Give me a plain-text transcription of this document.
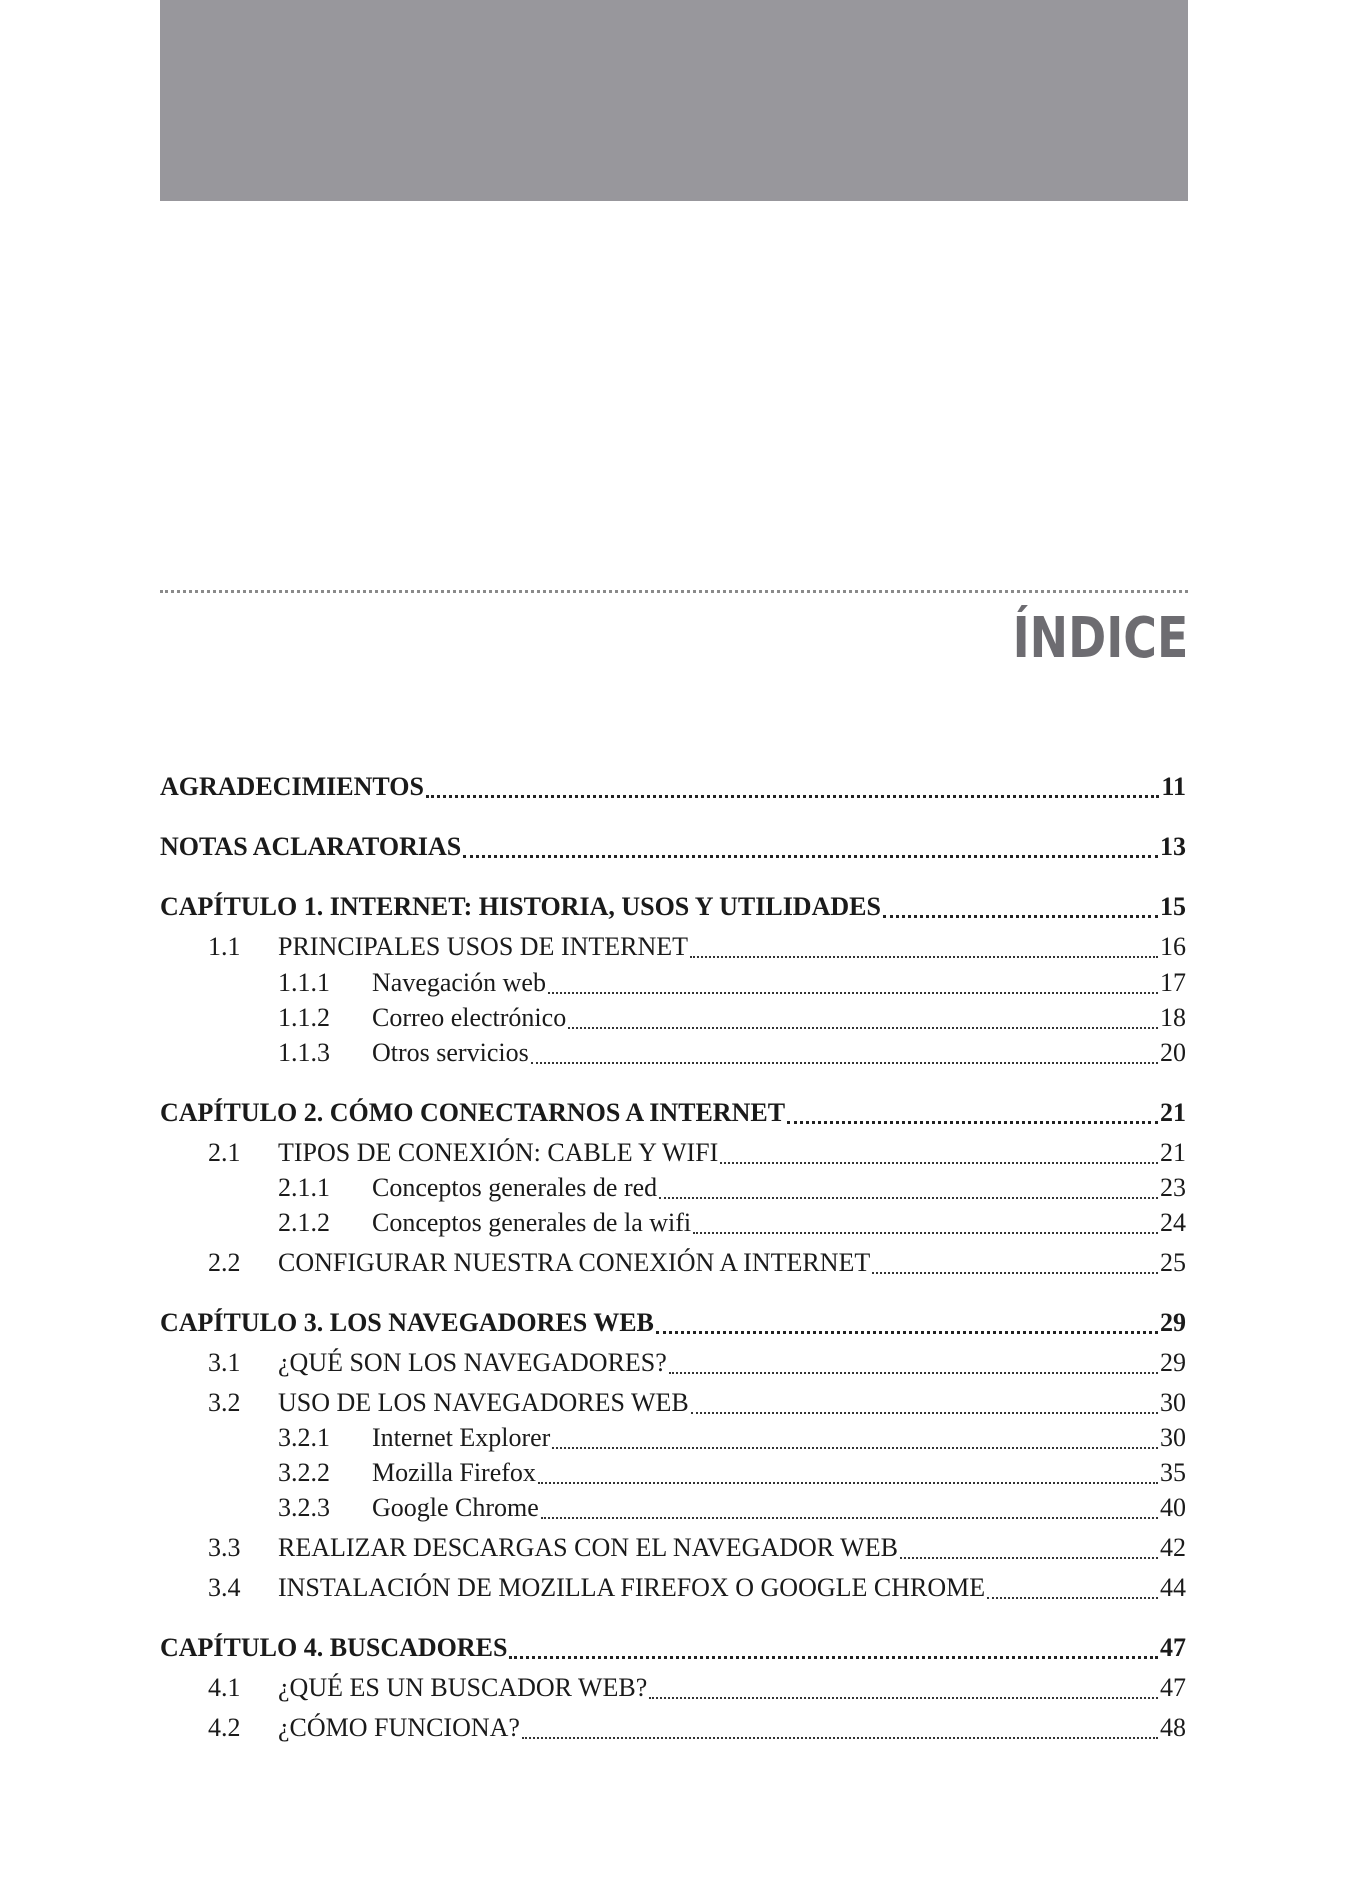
ÍNDICE
AGRADECIMIENTOS	11
NOTAS ACLARATORIAS	13
CAPÍTULO 1. INTERNET: HISTORIA, USOS Y UTILIDADES	15
1.1	PRINCIPALES USOS DE INTERNET	16
1.1.1	Navegación web	17
1.1.2	Correo electrónico	18
1.1.3	Otros servicios	20
CAPÍTULO 2. CÓMO CONECTARNOS A INTERNET	21
2.1	TIPOS DE CONEXIÓN: CABLE Y WIFI	21
2.1.1	Conceptos generales de red	23
2.1.2	Conceptos generales de la wifi	24
2.2	CONFIGURAR NUESTRA CONEXIÓN A INTERNET	25
CAPÍTULO 3. LOS NAVEGADORES WEB	29
3.1	¿QUÉ SON LOS NAVEGADORES?	29
3.2	USO DE LOS NAVEGADORES WEB	30
3.2.1	Internet Explorer	30
3.2.2	Mozilla Firefox	35
3.2.3	Google Chrome	40
3.3	REALIZAR DESCARGAS CON EL NAVEGADOR WEB	42
3.4	INSTALACIÓN DE MOZILLA FIREFOX O GOOGLE CHROME	44
CAPÍTULO 4. BUSCADORES	47
4.1	¿QUÉ ES UN BUSCADOR WEB?	47
4.2	¿CÓMO FUNCIONA?	48
